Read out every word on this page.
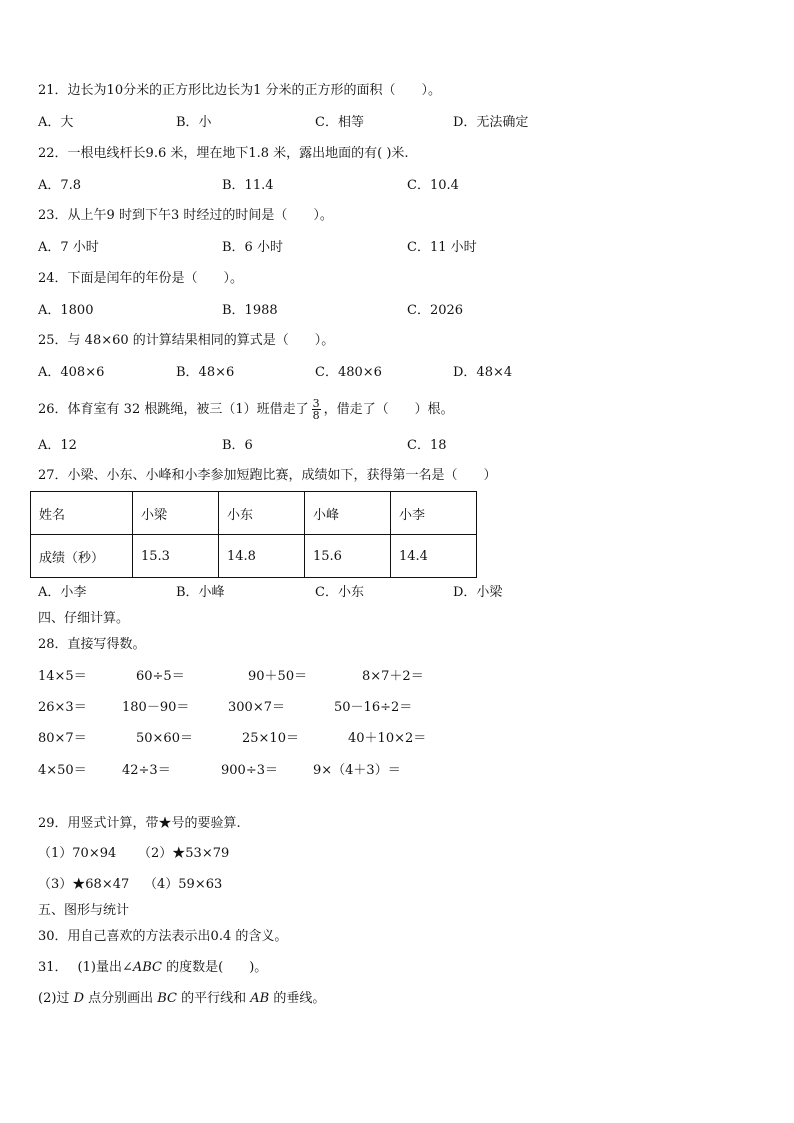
21．边长为10分米的正方形比边长为1 分米的正方形的面积（　　）。
A．大	B．小	C．相等	D．无法确定
22．一根电线杆长9.6 米，埋在地下1.8 米，露出地面的有( )米.
A．7.8	B．11.4	C．10.4
23．从上午9 时到下午3 时经过的时间是（　　）。
A．7 小时	B．6 小时	C．11 小时
24．下面是闰年的年份是（　　）。
A．1800	B．1988	C．2026
25．与 48×60 的计算结果相同的算式是（　　）。
A．408×6	B．48×6	C．480×6	D．48×4
26．体育室有 32 根跳绳，被三（1）班借走了 $\frac{3}{8}$ ，借走了（　　）根。
A．12	B．6	C．18
27．小梁、小东、小峰和小李参加短跑比赛，成绩如下，获得第一名是（　　）
姓名	小梁	小东	小峰	小李
成绩（秒）	15.3	14.8	15.6	14.4
A．小李	B．小峰	C．小东	D．小梁
四、仔细计算。
28．直接写得数。
14×5＝	60÷5＝	90＋50＝	8×7＋2＝
26×3＝	180－90＝	300×7＝	50－16÷2＝
80×7＝	50×60＝	25×10＝	40＋10×2＝
4×50＝	42÷3＝	900÷3＝	9×（4＋3）＝
29．用竖式计算，带★号的要验算.
（1）70×94 （2）★53×79
（3）★68×47 （4）59×63
五、图形与统计
30．用自己喜欢的方法表示出0.4 的含义。
31． (1)量出∠ABC 的度数是(　　)。
(2)过 D 点分别画出 BC 的平行线和 AB 的垂线。
